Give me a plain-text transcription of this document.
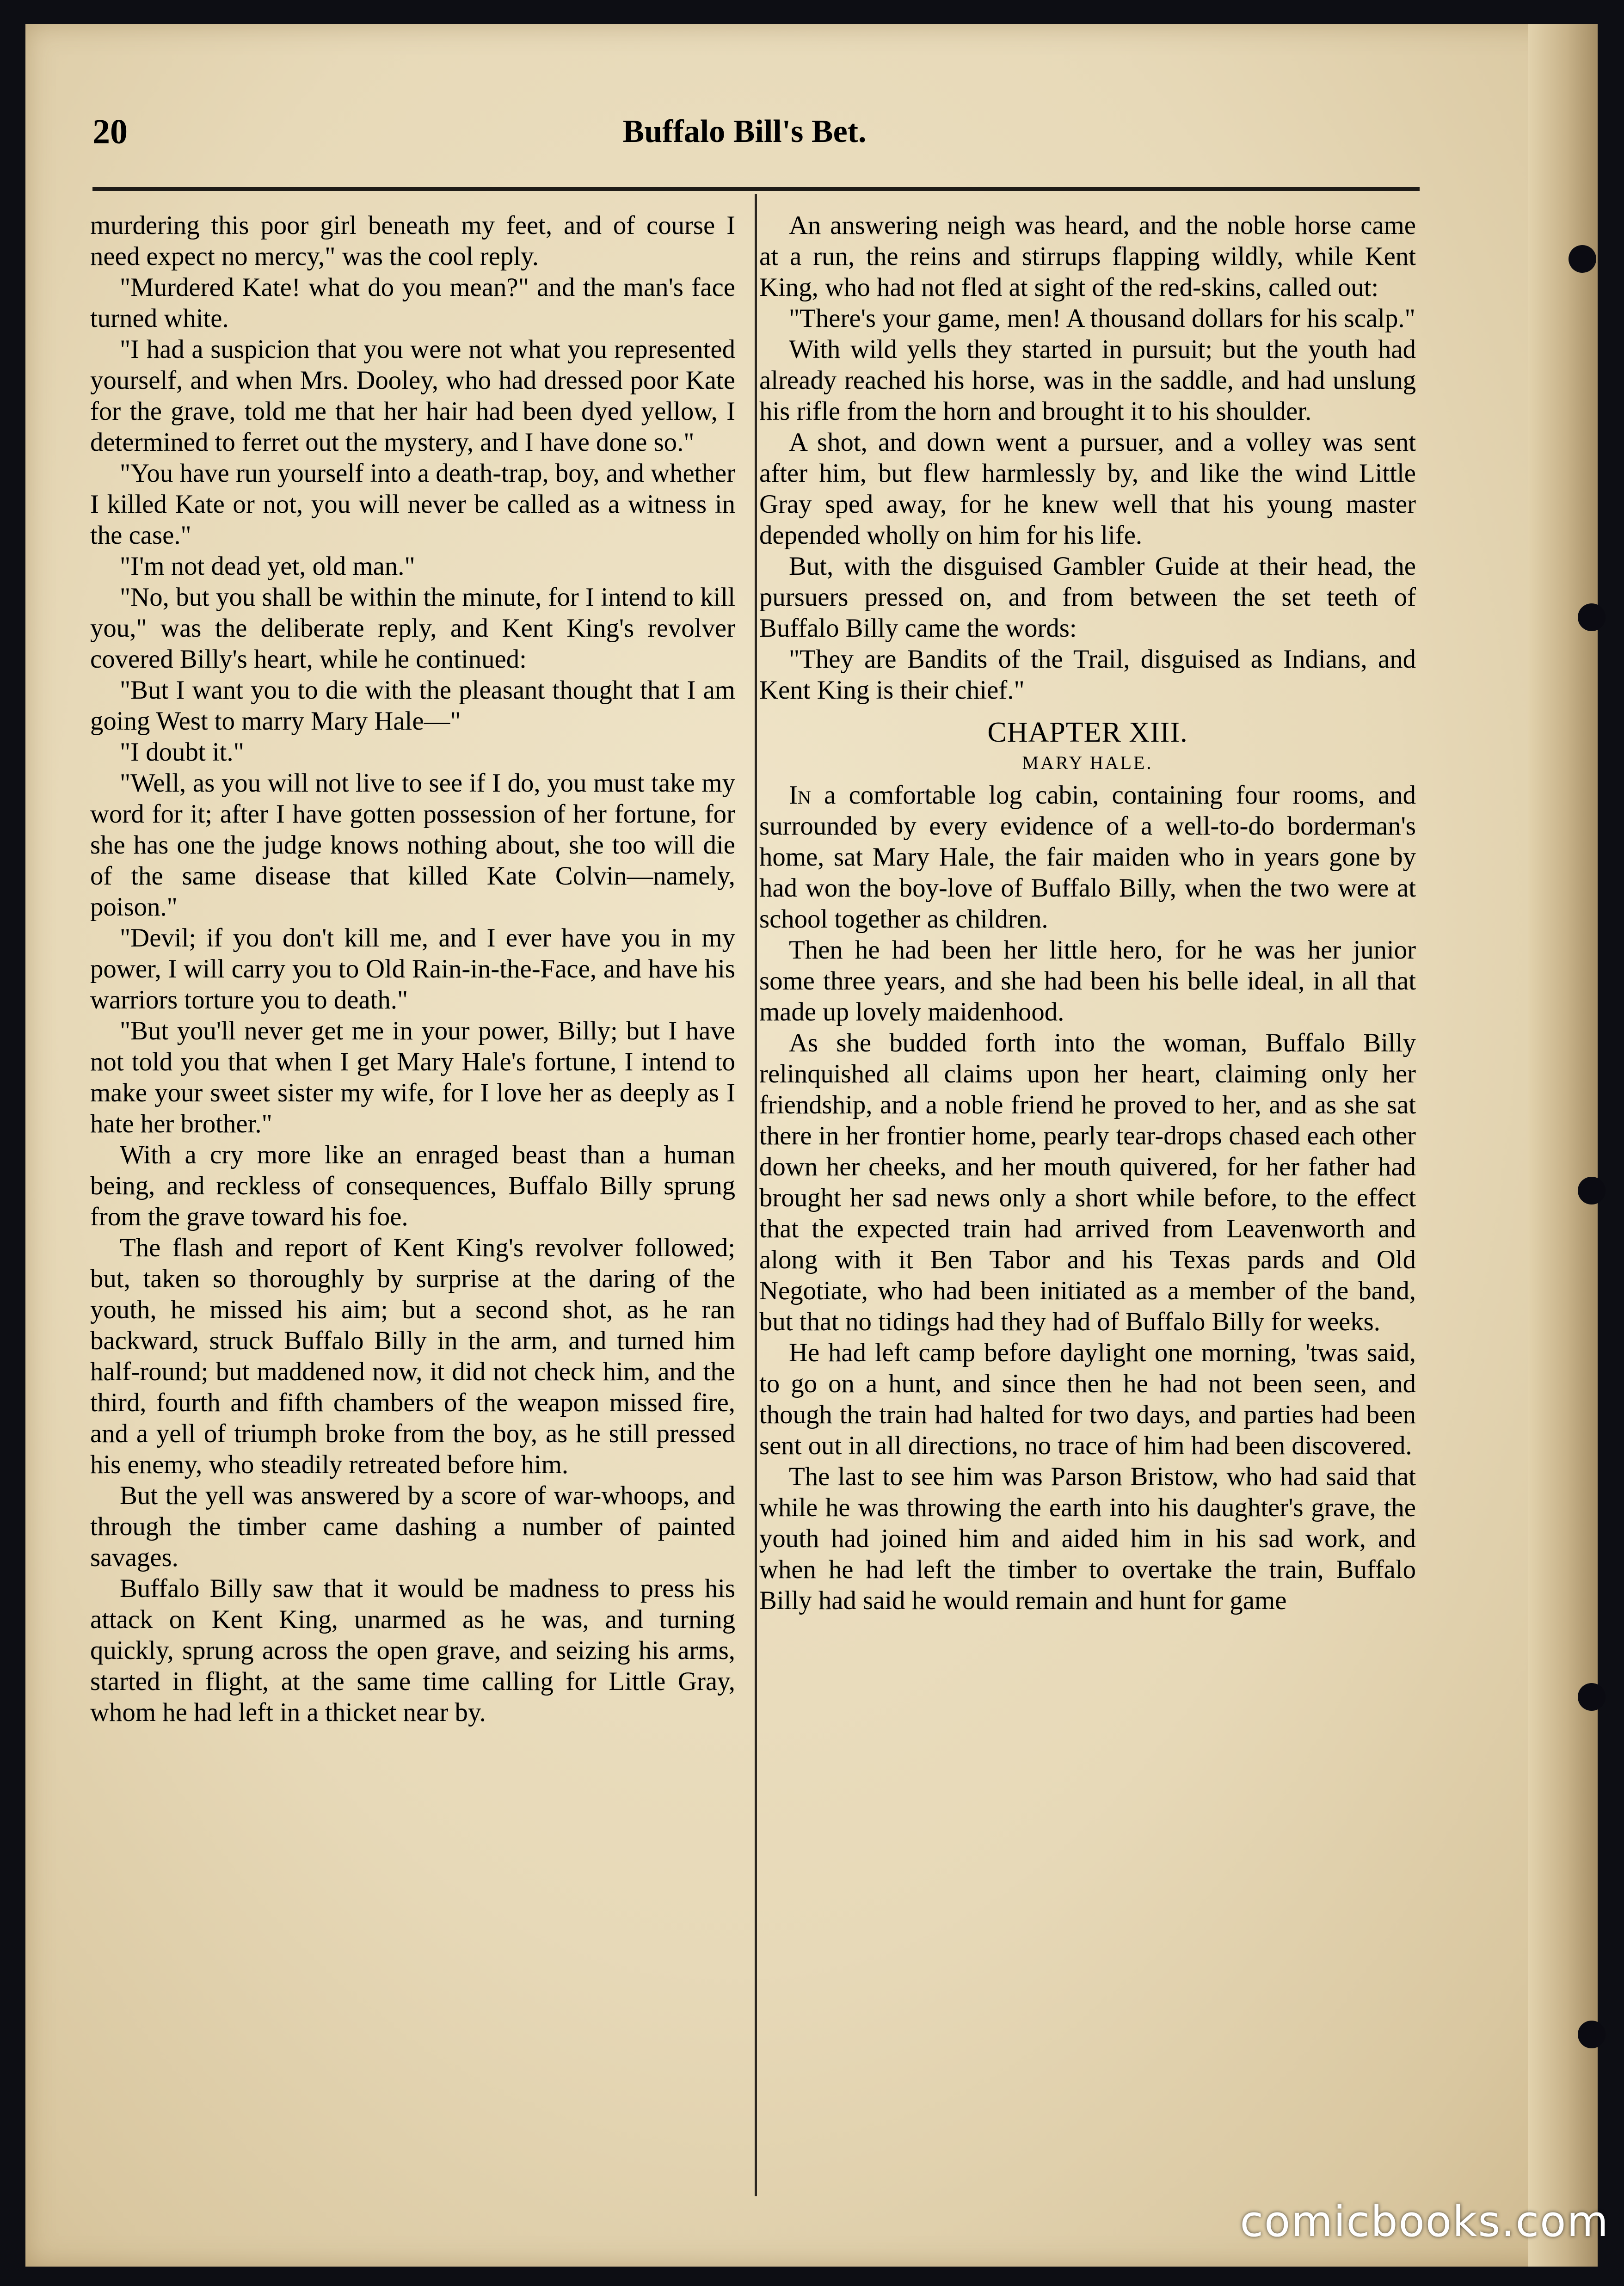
20	Buffalo Bill's Bet.

murdering this poor girl beneath my feet, and of course I need expect no mercy," was the cool reply.

"Murdered Kate! what do you mean?" and the man's face turned white.

"I had a suspicion that you were not what you represented yourself, and when Mrs. Dooley, who had dressed poor Kate for the grave, told me that her hair had been dyed yellow, I determined to ferret out the mystery, and I have done so."

"You have run yourself into a death-trap, boy, and whether I killed Kate or not, you will never be called as a witness in the case."

"I'm not dead yet, old man."

"No, but you shall be within the minute, for I intend to kill you," was the deliberate reply, and Kent King's revolver covered Billy's heart, while he continued:

"But I want you to die with the pleasant thought that I am going West to marry Mary Hale—"

"I doubt it."

"Well, as you will not live to see if I do, you must take my word for it; after I have gotten possession of her fortune, for she has one the judge knows nothing about, she too will die of the same disease that killed Kate Colvin—namely, poison."

"Devil; if you don't kill me, and I ever have you in my power, I will carry you to Old Rain-in-the-Face, and have his warriors torture you to death."

"But you'll never get me in your power, Billy; but I have not told you that when I get Mary Hale's fortune, I intend to make your sweet sister my wife, for I love her as deeply as I hate her brother."

With a cry more like an enraged beast than a human being, and reckless of consequences, Buffalo Billy sprung from the grave toward his foe.

The flash and report of Kent King's revolver followed; but, taken so thoroughly by surprise at the daring of the youth, he missed his aim; but a second shot, as he ran backward, struck Buffalo Billy in the arm, and turned him half-round; but maddened now, it did not check him, and the third, fourth and fifth chambers of the weapon missed fire, and a yell of triumph broke from the boy, as he still pressed his enemy, who steadily retreated before him.

But the yell was answered by a score of war-whoops, and through the timber came dashing a number of painted savages.

Buffalo Billy saw that it would be madness to press his attack on Kent King, unarmed as he was, and turning quickly, sprung across the open grave, and seizing his arms, started in flight, at the same time calling for Little Gray, whom he had left in a thicket near by.

An answering neigh was heard, and the noble horse came at a run, the reins and stirrups flapping wildly, while Kent King, who had not fled at sight of the red-skins, called out:

"There's your game, men! A thousand dollars for his scalp."

With wild yells they started in pursuit; but the youth had already reached his horse, was in the saddle, and had unslung his rifle from the horn and brought it to his shoulder.

A shot, and down went a pursuer, and a volley was sent after him, but flew harmlessly by, and like the wind Little Gray sped away, for he knew well that his young master depended wholly on him for his life.

But, with the disguised Gambler Guide at their head, the pursuers pressed on, and from between the set teeth of Buffalo Billy came the words:

"They are Bandits of the Trail, disguised as Indians, and Kent King is their chief."

CHAPTER XIII.
MARY HALE.

In a comfortable log cabin, containing four rooms, and surrounded by every evidence of a well-to-do borderman's home, sat Mary Hale, the fair maiden who in years gone by had won the boy-love of Buffalo Billy, when the two were at school together as children.

Then he had been her little hero, for he was her junior some three years, and she had been his belle ideal, in all that made up lovely maidenhood.

As she budded forth into the woman, Buffalo Billy relinquished all claims upon her heart, claiming only her friendship, and a noble friend he proved to her, and as she sat there in her frontier home, pearly tear-drops chased each other down her cheeks, and her mouth quivered, for her father had brought her sad news only a short while before, to the effect that the expected train had arrived from Leavenworth and along with it Ben Tabor and his Texas pards and Old Negotiate, who had been initiated as a member of the band, but that no tidings had they had of Buffalo Billy for weeks.

He had left camp before daylight one morning, 'twas said, to go on a hunt, and since then he had not been seen, and though the train had halted for two days, and parties had been sent out in all directions, no trace of him had been discovered.

The last to see him was Parson Bristow, who had said that while he was throwing the earth into his daughter's grave, the youth had joined him and aided him in his sad work, and when he had left the timber to overtake the train, Buffalo Billy had said he would remain and hunt for game

comicbooks.com
